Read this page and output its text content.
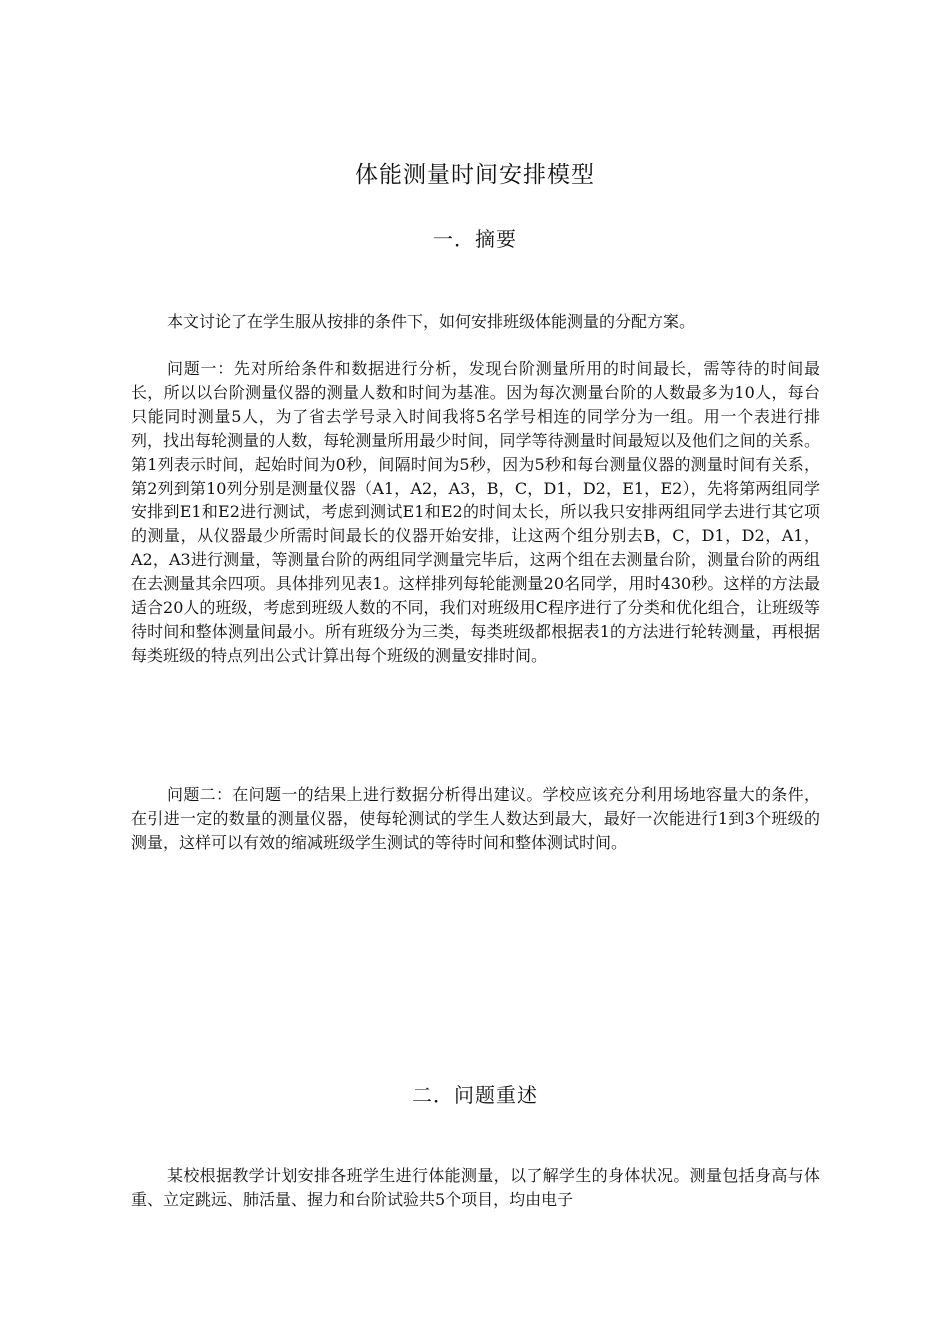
体能测量时间安排模型
一．摘要

本文讨论了在学生服从按排的条件下，如何安排班级体能测量的分配方案。

问题一：先对所给条件和数据进行分析，发现台阶测量所用的时间最长，需等待的时间最长，所以以台阶测量仪器的测量人数和时间为基准。因为每次测量台阶的人数最多为10人，每台只能同时测量5人，为了省去学号录入时间我将5名学号相连的同学分为一组。用一个表进行排列，找出每轮测量的人数，每轮测量所用最少时间，同学等待测量时间最短以及他们之间的关系。第1列表示时间，起始时间为0秒，间隔时间为5秒，因为5秒和每台测量仪器的测量时间有关系，第2列到第10列分别是测量仪器（A1，A2，A3，B，C，D1，D2，E1，E2），先将第两组同学安排到E1和E2进行测试，考虑到测试E1和E2的时间太长，所以我只安排两组同学去进行其它项的测量，从仪器最少所需时间最长的仪器开始安排，让这两个组分别去B，C，D1，D2，A1，A2，A3进行测量，等测量台阶的两组同学测量完毕后，这两个组在去测量台阶，测量台阶的两组在去测量其余四项。具体排列见表1。这样排列每轮能测量20名同学，用时430秒。这样的方法最适合20人的班级，考虑到班级人数的不同，我们对班级用C程序进行了分类和优化组合，让班级等待时间和整体测量间最小。所有班级分为三类，每类班级都根据表1的方法进行轮转测量，再根据每类班级的特点列出公式计算出每个班级的测量安排时间。

问题二：在问题一的结果上进行数据分析得出建议。学校应该充分利用场地容量大的条件，在引进一定的数量的测量仪器，使每轮测试的学生人数达到最大，最好一次能进行1到3个班级的测量，这样可以有效的缩减班级学生测试的等待时间和整体测试时间。

二．问题重述

某校根据教学计划安排各班学生进行体能测量，以了解学生的身体状况。测量包括身高与体重、立定跳远、肺活量、握力和台阶试验共5个项目，均由电子
